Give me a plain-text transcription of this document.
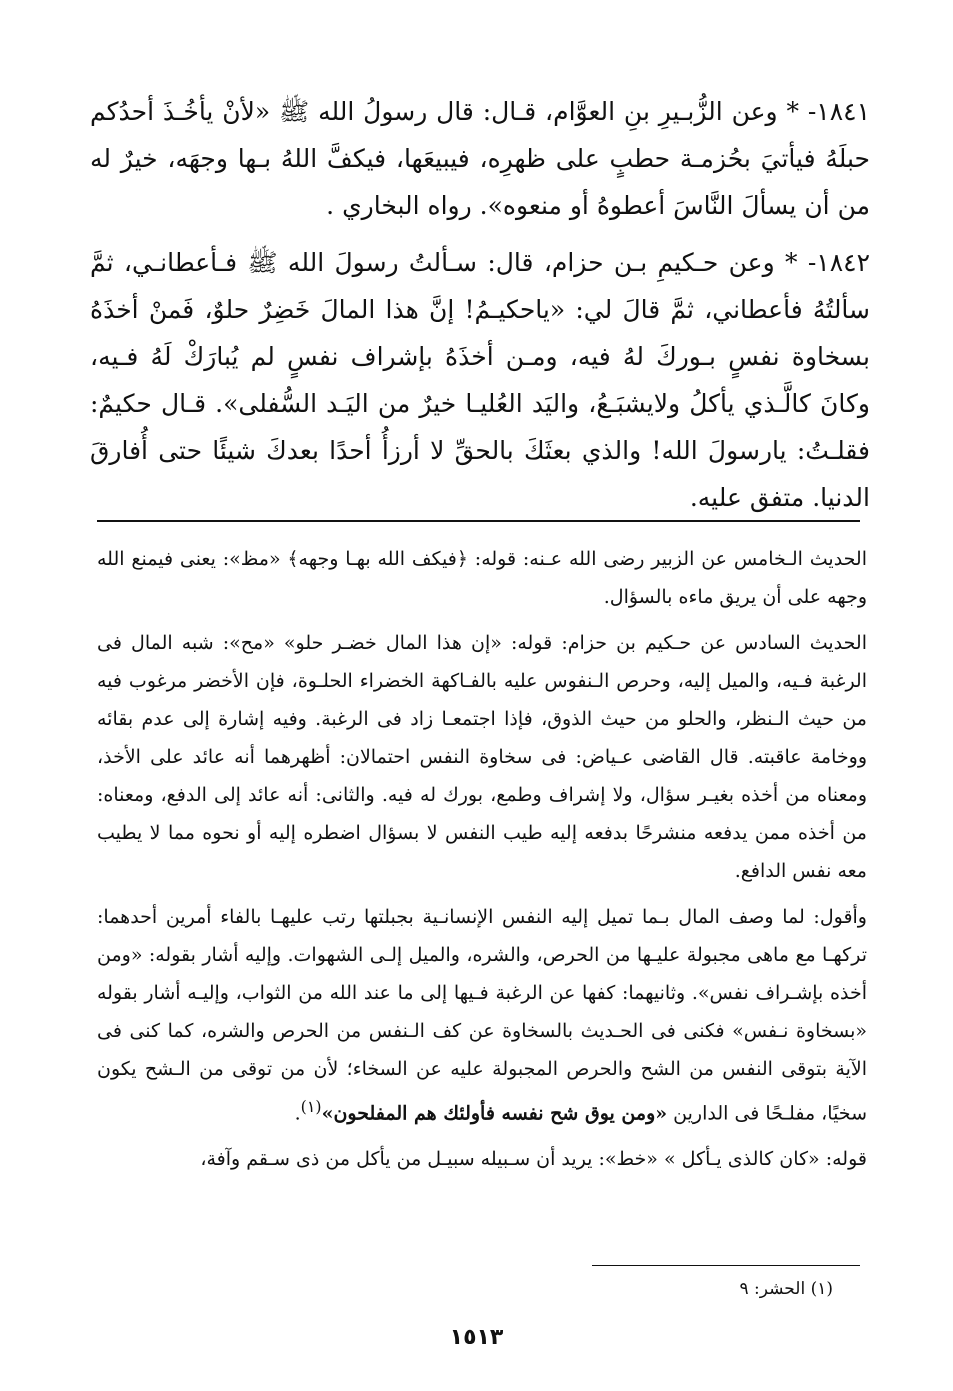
١٨٤١- * وعن الزُّبـيرِ بنِ العوَّام، قـال: قال رسولُ الله ﷺ «لأنْ يأخُـذَ أحدُكم حبلَهُ فيأتيَ بحُزمـة حطبٍ على ظهرِه، فيبيعَها، فيكفَّ اللهُ بـها وجهَه، خيرٌ له من أن يسألَ النَّاسَ أعطوهُ أو منعوه». رواه البخاري .

١٨٤٢- * وعن حـكيمِ بـن حزام، قال: سـألتُ رسولَ الله ﷺ فـأعطانـي، ثمَّ سألتُهُ فأعطاني، ثمَّ قالَ لي: «ياحكيـمُ! إنَّ هذا المالَ خَضِرٌ حلوٌ، فَمنْ أخذَهُ بسخاوة نفسٍ بـوركَ لهُ فيه، ومـن أخذَهُ بإشراف نفسٍ لم يُبارَكْ لَهُ فـيه، وكانَ كالَّـذي يأكلُ ولايشبَـعُ، واليَد العُليـا خيرٌ من اليَـد السُّفلى». قـال حكيمٌ: فقلـتُ: يارسولَ الله! والذي بعثَكَ بالحقِّ لا أرزأُ أحدًا بعدكَ شيئًا حتى أُفارقَ الدنيا. متفق عليه.

الحديث الـخامس عن الزبير رضى الله عـنه: قوله: ﴿فيكف الله بهـا وجهه﴾ «مظ»: يعنى فيمنع الله وجهه على أن يريق ماءه بالسؤال.

الحديث السادس عن حـكيم بن حزام: قوله: «إن هذا المال خضـر حلو» «مح»: شبه المال فى الرغبة فـيه، والميل إليه، وحرص الـنفوس عليه بالفـاكهة الخضراء الحلـوة، فإن الأخضر مرغوب فيه من حيث الـنظر، والحلو من حيث الذوق، فإذا اجتمعـا زاد فى الرغبة. وفيه إشارة إلى عدم بقائه ووخامة عاقبته. قال القاضى عـياض: فى سخاوة النفس احتمالان: أظهرهما أنه عائد على الأخذ، ومعناه من أخذه بغيـر سؤال، ولا إشراف وطمع، بورك له فيه. والثانى: أنه عائد إلى الدفع، ومعناه: من أخذه ممن يدفعه منشرحًا بدفعه إليه طيب النفس لا بسؤال اضطره إليه أو نحوه مما لا يطيب معه نفس الدافع.

وأقول: لما وصف المال بـما تميل إليه النفس الإنسانـية بجبلتها رتب عليهـا بالفاء أمرين أحدهما: تركهـا مع ماهى مجبولة عليـها من الحرص، والشره، والميل إلـى الشهوات. وإليه أشار بقوله: «ومن أخذه بإشـراف نفس». وثانيهما: كفها عن الرغبة فـيها إلى ما عند الله من الثواب، وإليـه أشار بقوله «بسخاوة نـفس» فكنى فى الحـديث بالسخاوة عن كف الـنفس من الحرص والشره، كما كنى فى الآية بتوقى النفس من الشح والحرص المجبولة عليه عن السخاء؛ لأن من توقى من الـشح يكون سخيًا، مفلـحًا فى الدارين «ومن يوق شح نفسه فأولئك هم المفلحون»$^{(١)}$.

قوله: «كان كالذى يـأكل » «خط»: يريد أن سـبيله سبيـل من يأكل من ذى سـقم وآفة،

(١) الحشر: ٩
١٥١٣
